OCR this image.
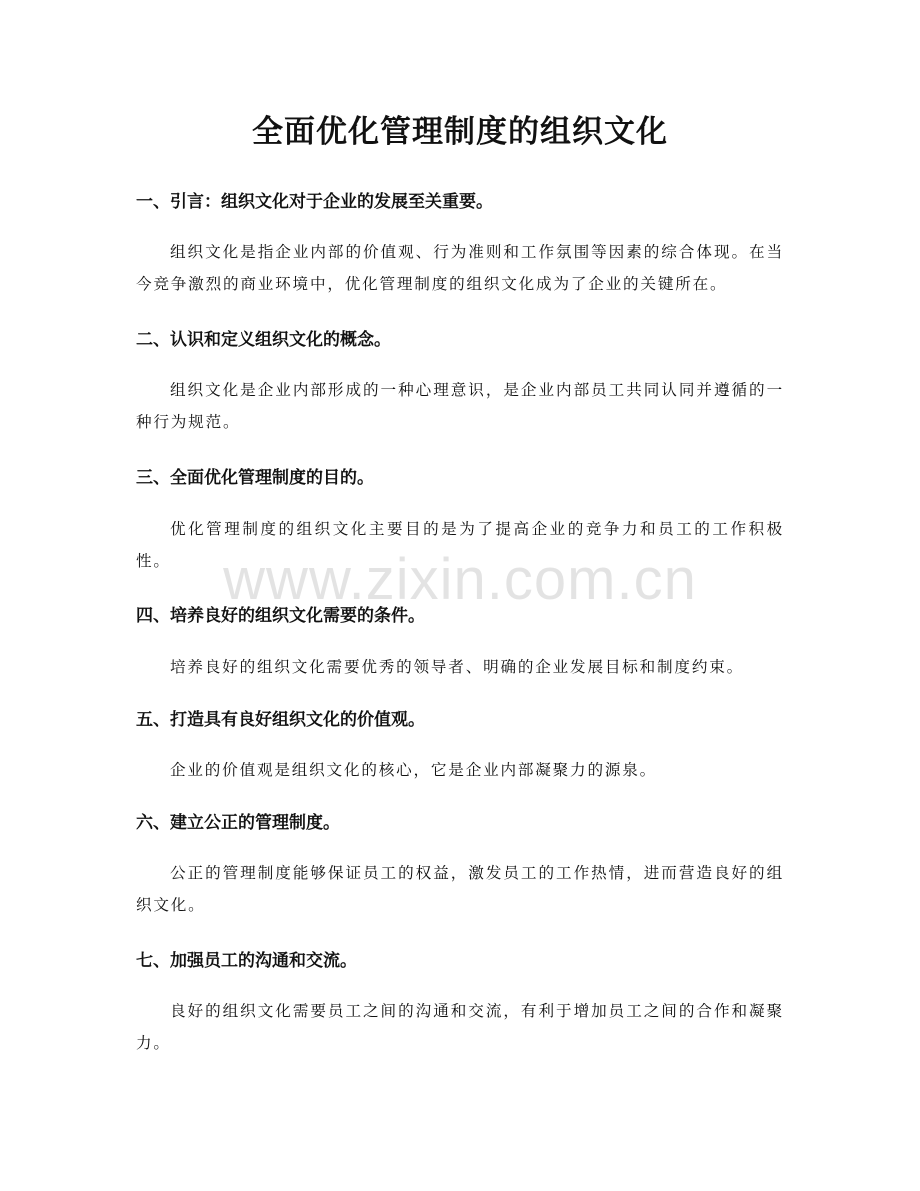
全面优化管理制度的组织文化
一、引言：组织文化对于企业的发展至关重要。

组织文化是指企业内部的价值观、行为准则和工作氛围等因素的综合体现。在当今竞争激烈的商业环境中，优化管理制度的组织文化成为了企业的关键所在。

二、认识和定义组织文化的概念。

组织文化是企业内部形成的一种心理意识，是企业内部员工共同认同并遵循的一种行为规范。

三、全面优化管理制度的目的。

优化管理制度的组织文化主要目的是为了提高企业的竞争力和员工的工作积极性。

四、培养良好的组织文化需要的条件。

培养良好的组织文化需要优秀的领导者、明确的企业发展目标和制度约束。

五、打造具有良好组织文化的价值观。

企业的价值观是组织文化的核心，它是企业内部凝聚力的源泉。

六、建立公正的管理制度。

公正的管理制度能够保证员工的权益，激发员工的工作热情，进而营造良好的组织文化。

七、加强员工的沟通和交流。

良好的组织文化需要员工之间的沟通和交流，有利于增加员工之间的合作和凝聚力。

www.zixin.com.cn
